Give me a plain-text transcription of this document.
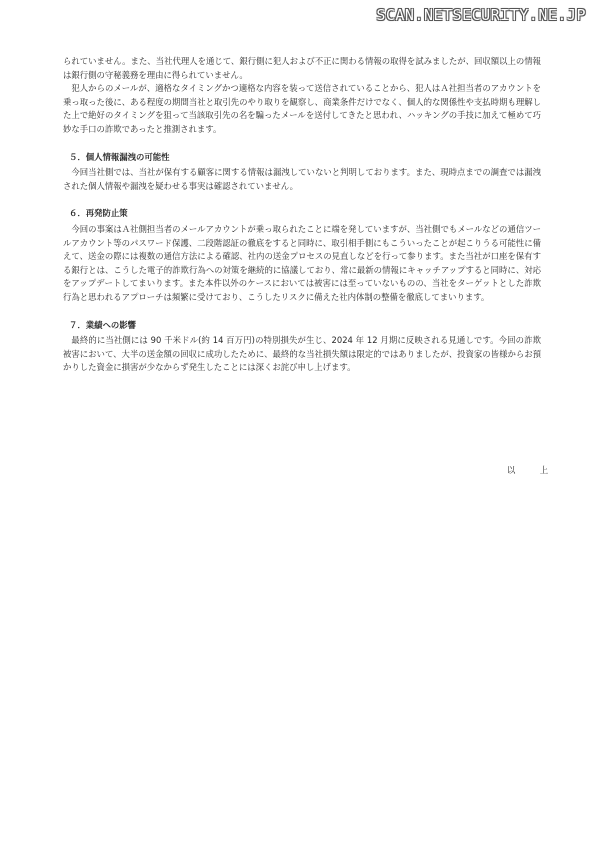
SCAN.NETSECURITY.NE.JP

られていません。また、当社代理人を通じて、銀行側に犯人および不正に関わる情報の取得を試みましたが、回収額以上の情報は銀行側の守秘義務を理由に得られていません。

犯人からのメールが、適格なタイミングかつ適格な内容を装って送信されていることから、犯人はＡ社担当者のアカウントを乗っ取った後に、ある程度の期間当社と取引先のやり取りを観察し、商業条件だけでなく、個人的な関係性や支払時期も理解した上で絶好のタイミングを狙って当該取引先の名を騙ったメールを送付してきたと思われ、ハッキングの手技に加えて極めて巧妙な手口の詐欺であったと推測されます。

５．個人情報漏洩の可能性

今回当社側では、当社が保有する顧客に関する情報は漏洩していないと判明しております。また、現時点までの調査では漏洩された個人情報や漏洩を疑わせる事実は確認されていません。

６．再発防止策

今回の事案はＡ社側担当者のメールアカウントが乗っ取られたことに端を発していますが、当社側でもメールなどの通信ツールアカウント等のパスワード保護、二段階認証の徹底をすると同時に、取引相手側にもこういったことが起こりうる可能性に備えて、送金の際には複数の通信方法による確認、社内の送金プロセスの見直しなどを行って参ります。また当社が口座を保有する銀行とは、こうした電子的詐欺行為への対策を継続的に協議しており、常に最新の情報にキャッチアップすると同時に、対応をアップデートしてまいります。また本件以外のケースにおいては被害には至っていないものの、当社をターゲットとした詐欺行為と思われるアプローチは頻繁に受けており、こうしたリスクに備えた社内体制の整備を徹底してまいります。

７．業績への影響

最終的に当社側には 90 千米ドル(約 14 百万円)の特別損失が生じ、2024 年 12 月期に反映される見通しです。今回の詐欺被害において、大半の送金額の回収に成功したために、最終的な当社損失額は限定的ではありましたが、投資家の皆様からお預かりした資金に損害が少なからず発生したことには深くお詫び申し上げます。

以　上
